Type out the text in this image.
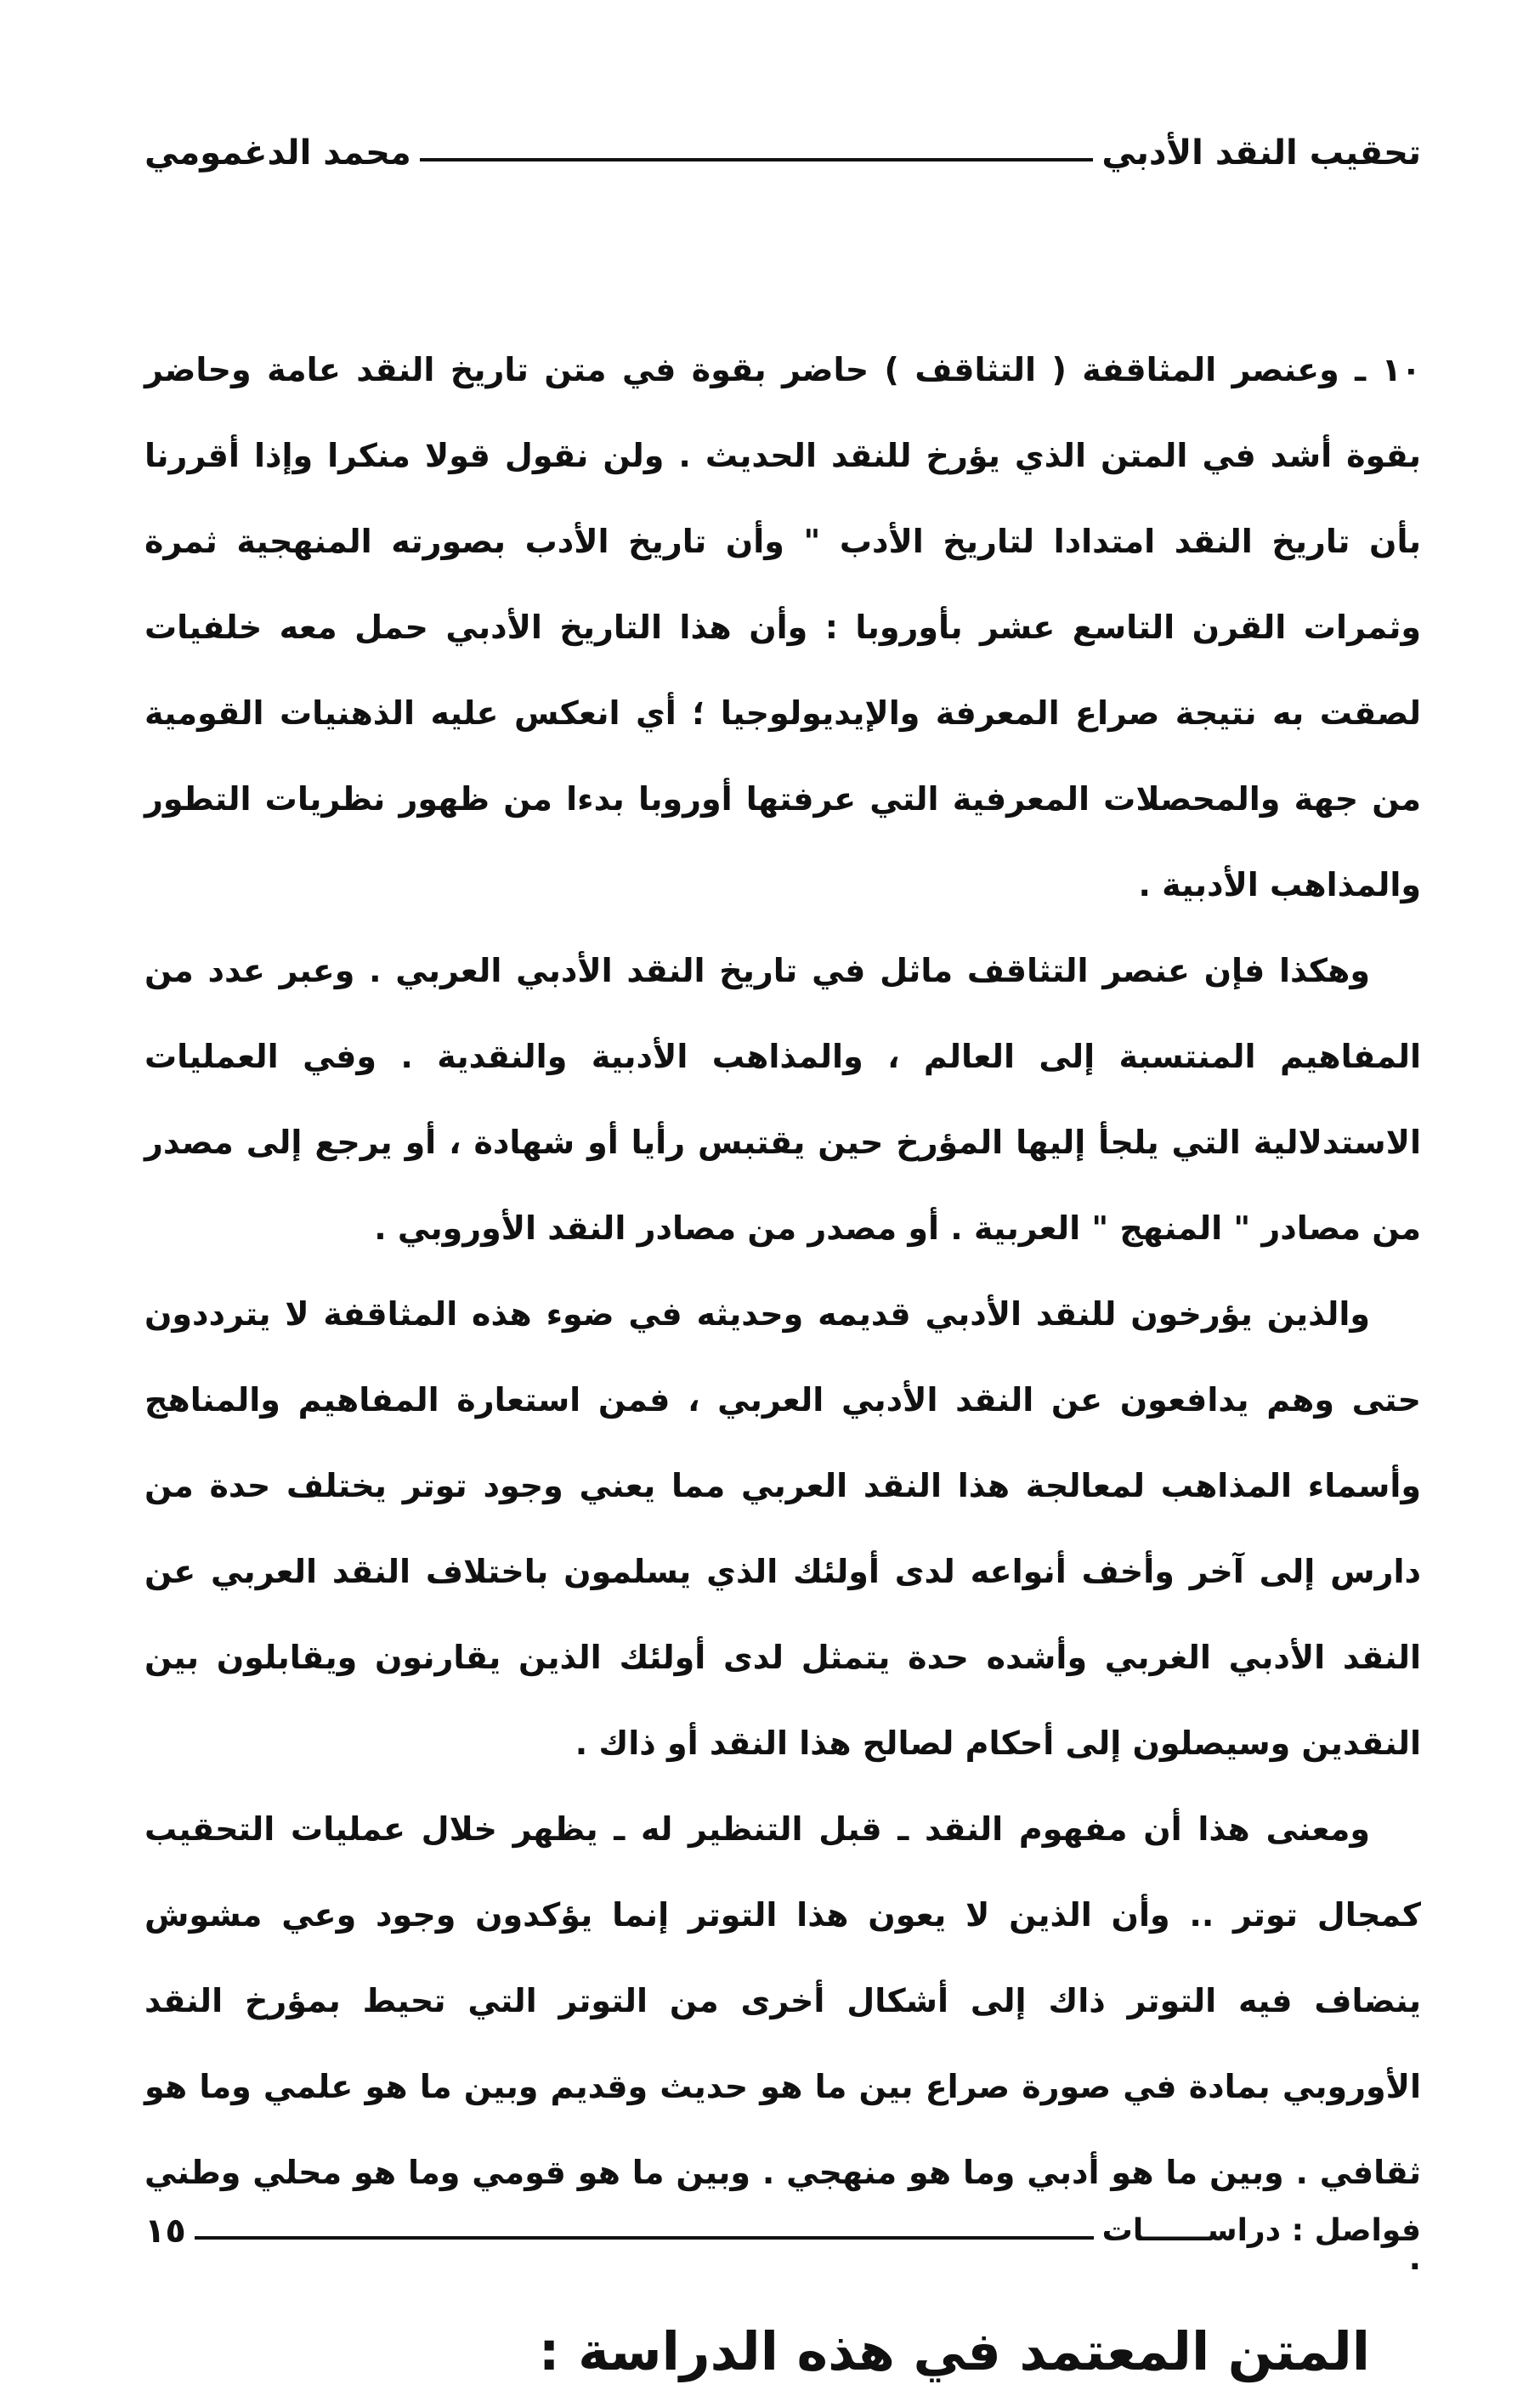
تحقيب النقد الأدبي
محمد الدغمومي

١٠ ـ وعنصر المثاقفة ( التثاقف ) حاضر بقوة في متن تاريخ النقد عامة وحاضر بقوة أشد في المتن الذي يؤرخ للنقد الحديث . ولن نقول قولا منكرا وإذا أقررنا بأن تاريخ النقد امتدادا لتاريخ الأدب " وأن تاريخ الأدب بصورته المنهجية ثمرة وثمرات القرن التاسع عشر بأوروبا : وأن هذا التاريخ الأدبي حمل معه خلفيات لصقت به نتيجة صراع المعرفة والإيديولوجيا ؛ أي انعكس عليه الذهنيات القومية من جهة والمحصلات المعرفية التي عرفتها أوروبا بدءا من ظهور نظريات التطور والمذاهب الأدبية .

وهكذا فإن عنصر التثاقف ماثل في تاريخ النقد الأدبي العربي . وعبر عدد من المفاهيم المنتسبة إلى العالم ، والمذاهب الأدبية والنقدية . وفي العمليات الاستدلالية التي يلجأ إليها المؤرخ حين يقتبس رأيا أو شهادة ، أو يرجع إلى مصدر من مصادر " المنهج " العربية . أو مصدر من مصادر النقد الأوروبي .

والذين يؤرخون للنقد الأدبي قديمه وحديثه في ضوء هذه المثاقفة لا يترددون حتى وهم يدافعون عن النقد الأدبي العربي ، فمن استعارة المفاهيم والمناهج وأسماء المذاهب لمعالجة هذا النقد العربي مما يعني وجود توتر يختلف حدة من دارس إلى آخر وأخف أنواعه لدى أولئك الذي يسلمون باختلاف النقد العربي عن النقد الأدبي الغربي وأشده حدة يتمثل لدى أولئك الذين يقارنون ويقابلون بين النقدين وسيصلون إلى أحكام لصالح هذا النقد أو ذاك .

ومعنى هذا أن مفهوم النقد ـ قبل التنظير له ـ يظهر خلال عمليات التحقيب كمجال توتر .. وأن الذين لا يعون هذا التوتر إنما يؤكدون وجود وعي مشوش ينضاف فيه التوتر ذاك إلى أشكال أخرى من التوتر التي تحيط بمؤرخ النقد الأوروبي بمادة في صورة صراع بين ما هو حديث وقديم وبين ما هو علمي وما هو ثقافي . وبين ما هو أدبي وما هو منهجي . وبين ما هو قومي وما هو محلي وطني .

المتن المعتمد في هذه الدراسة :
فواصل : دراســــــات
١٥
